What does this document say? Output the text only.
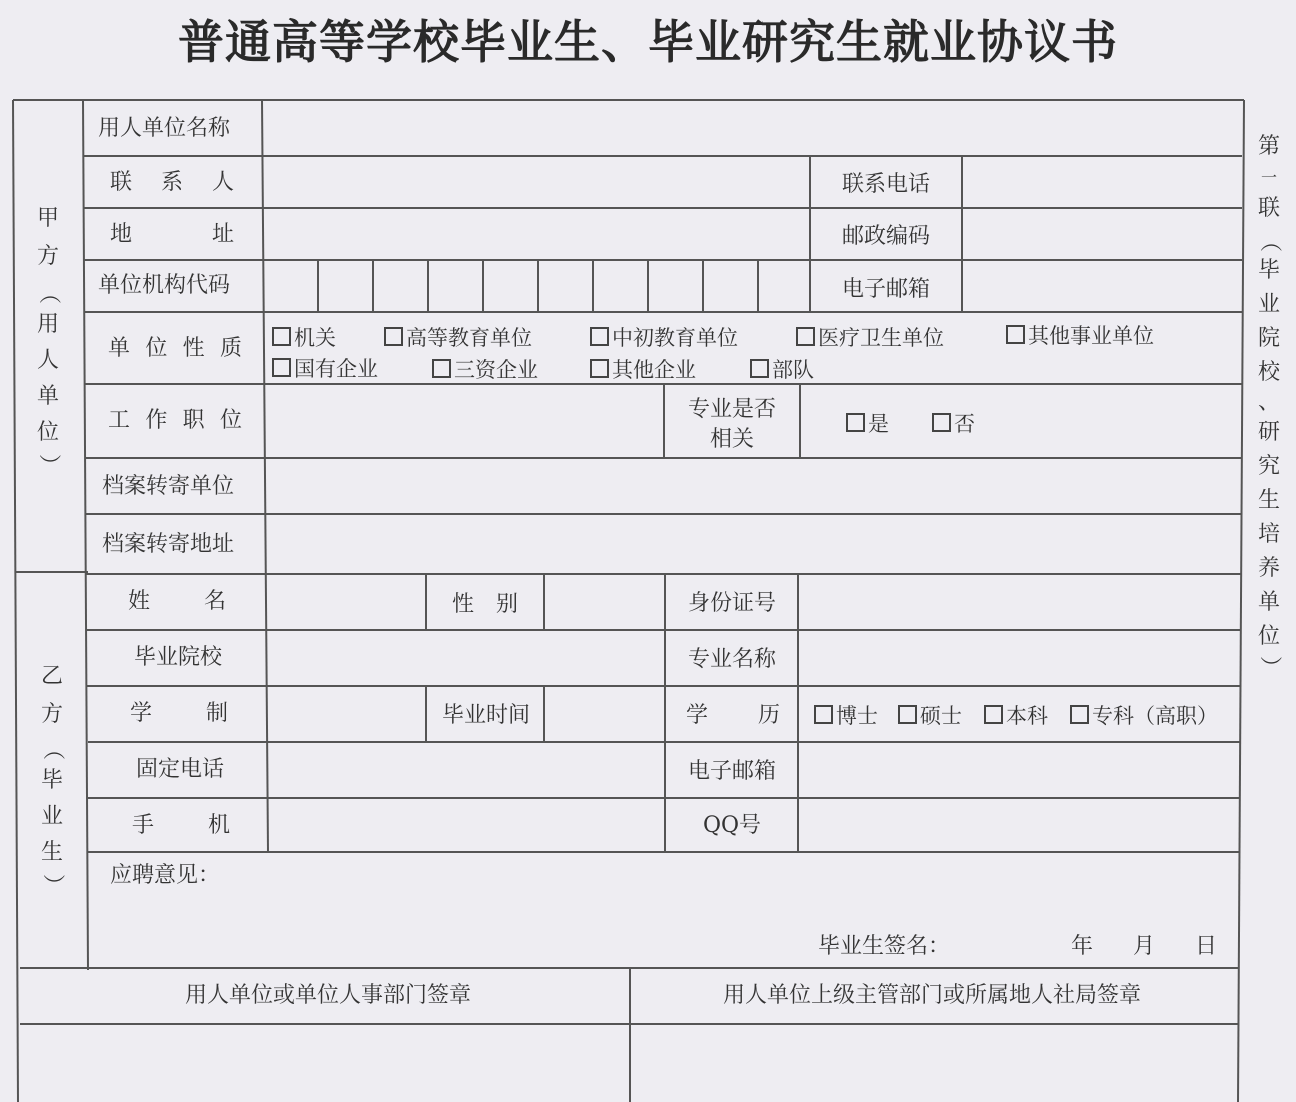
普通高等学校毕业生、毕业研究生就业协议书
甲
方
（
用
人
单
位
）
乙
方
（
毕
业
生
）
第
一
联
（
毕
业
院
校
、
研
究
生
培
养
单
位
）
用人单位名称
联 系 人	联系电话
地	址	邮政编码
单位机构代码	电子邮箱
单 位 性 质	机关	高等教育单位	中初教育单位	医疗卫生单位	其他事业单位
国有企业	三资企业	其他企业	部队
工 作 职 位	专业是否
相关
是	否
档案转寄单位
档案转寄地址
姓 名	性 别	身份证号
毕业院校	专业名称
学 制	毕业时间	学 历	博士	硕士	本科	专科（高职）
固定电话	电子邮箱
手 机	QQ号
应聘意见：
毕业生签名：	年 月 日
用人单位或单位人事部门签章	用人单位上级主管部门或所属地人社局签章
